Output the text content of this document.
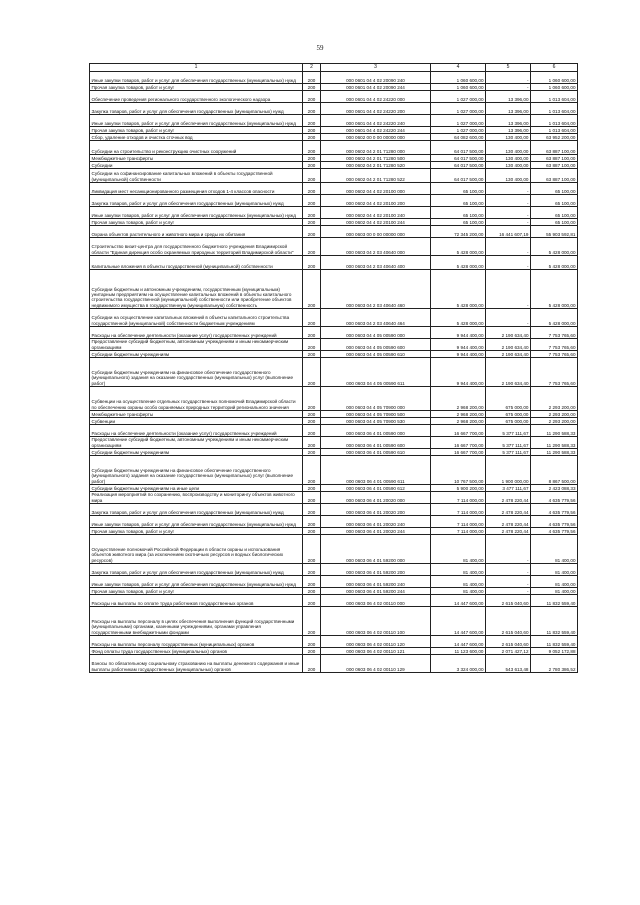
59
1	2	3	4	5	6
Иные закупки товаров, работ и услуг для обеспечения государственных (муниципальных) нужд	200	000 0601 04 4 02 20090 240	1 060 600,00	-	1 060 600,00
Прочая закупка товаров, работ и услуг	200	000 0601 04 4 02 20090 244	1 060 600,00	-	1 060 600,00
Обеспечение проведения регионального государственного экологического надзора	200	000 0601 04 4 02 24220 000	1 027 000,00	13 396,00	1 013 604,00
Закупка товаров, работ и услуг для обеспечения государственных (муниципальных) нужд	200	000 0601 04 4 02 24220 200	1 027 000,00	13 396,00	1 013 604,00
Иные закупки товаров, работ и услуг для обеспечения государственных (муниципальных) нужд	200	000 0601 04 4 02 24220 240	1 027 000,00	13 396,00	1 013 604,00
Прочая закупка товаров, работ и услуг	200	000 0601 04 4 02 24220 244	1 027 000,00	13 396,00	1 013 604,00
Сбор, удаление отходов и очистка сточных вод	200	000 0602 00 0 00 00000 000	64 082 600,00	130 400,00	63 952 200,00
Субсидии на строительство и реконструкцию очистных сооружений	200	000 0602 04 2 01 71280 000	64 017 500,00	130 400,00	63 887 100,00
Межбюджетные трансферты	200	000 0602 04 2 01 71280 500	64 017 500,00	130 400,00	63 887 100,00
Субсидии	200	000 0602 04 2 01 71280 520	64 017 500,00	130 400,00	63 887 100,00
Субсидии на софинансирование капитальных вложений в объекты государственной (муниципальной) собственности	200	000 0602 04 2 01 71280 522	64 017 500,00	130 400,00	63 887 100,00
Ликвидация мест несанкционированного размещения отходов 1-4 классов опасности	200	000 0602 04 4 02 20100 000	65 100,00	-	65 100,00
Закупка товаров, работ и услуг для обеспечения государственных (муниципальных) нужд	200	000 0602 04 4 02 20100 200	65 100,00	-	65 100,00
Иные закупки товаров, работ и услуг для обеспечения государственных (муниципальных) нужд	200	000 0602 04 4 02 20100 240	65 100,00	-	65 100,00
Прочая закупка товаров, работ и услуг	200	000 0602 04 4 02 20100 244	65 100,00	-	65 100,00
Охрана объектов растительного и животного мира и среды их обитания	200	000 0603 00 0 00 00000 000	72 345 200,00	16 441 607,19	55 903 592,81
Строительство визит-центра для государственного бюджетного учреждения Владимирской области "Единая дирекция особо охраняемых природных территорий Владимирской области"	200	000 0603 04 2 03 40640 000	5 428 000,00	-	5 428 000,00
Капитальные вложения в объекты государственной (муниципальной) собственности	200	000 0603 04 2 03 40640 400	5 428 000,00	-	5 428 000,00
Субсидии бюджетным и автономным учреждениям, государственным (муниципальным) унитарным предприятиям на осуществление капитальных вложений в объекты капитального строительства государственной (муниципальной) собственности или приобретение объектов недвижимого имущества в государственную (муниципальную) собственность	200	000 0603 04 2 03 40640 460	5 428 000,00	-	5 428 000,00
Субсидии на осуществление капитальных вложений в объекты капитального строительства государственной (муниципальной) собственности бюджетным учреждениям	200	000 0603 04 2 03 40640 464	5 428 000,00	-	5 428 000,00
Расходы на обеспечение деятельности (оказание услуг) государственных учреждений	200	000 0603 04 4 05 00590 000	9 944 400,00	2 190 634,40	7 753 765,60
Предоставление субсидий бюджетным, автономным учреждениям и иным некоммерческим организациям	200	000 0603 04 4 05 00590 600	9 944 400,00	2 190 634,40	7 753 765,60
Субсидии бюджетным учреждениям	200	000 0603 04 4 05 00590 610	9 944 400,00	2 190 634,40	7 753 765,60
Субсидии бюджетным учреждениям на финансовое обеспечение государственного (муниципального) задания на оказание государственных (муниципальных) услуг (выполнение работ)	200	000 0603 04 4 05 00590 611	9 944 400,00	2 190 634,40	7 753 765,60
Субвенции на осуществление отдельных государственных полномочий Владимирской области по обеспечению охраны особо охраняемых природных территорий регионального значения	200	000 0603 04 4 05 70900 000	2 968 200,00	675 000,00	2 293 200,00
Межбюджетные трансферты	200	000 0603 04 4 05 70900 500	2 968 200,00	675 000,00	2 293 200,00
Субвенции	200	000 0603 04 4 05 70900 530	2 968 200,00	675 000,00	2 293 200,00
Расходы на обеспечение деятельности (оказание услуг) государственных учреждений	200	000 0603 06 4 01 00590 000	16 667 700,00	5 377 111,67	11 290 588,33
Предоставление субсидий бюджетным, автономным учреждениям и иным некоммерческим организациям	200	000 0603 06 4 01 00590 600	16 667 700,00	5 377 111,67	11 290 588,33
Субсидии бюджетным учреждениям	200	000 0603 06 4 01 00590 610	16 667 700,00	5 377 111,67	11 290 588,33
Субсидии бюджетным учреждениям на финансовое обеспечение государственного (муниципального) задания на оказание государственных (муниципальных) услуг (выполнение работ)	200	000 0603 06 4 01 00590 611	10 767 500,00	1 900 000,00	8 867 500,00
Субсидии бюджетным учреждениям на иные цели	200	000 0603 06 4 01 00590 612	5 900 200,00	3 477 111,67	2 423 088,33
Реализация мероприятий по сохранению, воспроизводству и мониторингу объектов животного мира	200	000 0603 06 4 01 20020 000	7 114 000,00	2 478 220,44	4 635 779,56
Закупка товаров, работ и услуг для обеспечения государственных (муниципальных) нужд	200	000 0603 06 4 01 20020 200	7 114 000,00	2 478 220,44	4 635 779,56
Иные закупки товаров, работ и услуг для обеспечения государственных (муниципальных) нужд	200	000 0603 06 4 01 20020 240	7 114 000,00	2 478 220,44	4 635 779,56
Прочая закупка товаров, работ и услуг	200	000 0603 06 4 01 20020 244	7 114 000,00	2 478 220,44	4 635 779,56
Осуществление полномочий Российской Федерации в области охраны и использования объектов животного мира (за исключением охотничьих ресурсов и водных биологических ресурсов)	200	000 0603 06 4 01 59200 000	81 400,00	-	81 400,00
Закупка товаров, работ и услуг для обеспечения государственных (муниципальных) нужд	200	000 0603 06 4 01 59200 200	81 400,00	-	81 400,00
Иные закупки товаров, работ и услуг для обеспечения государственных (муниципальных) нужд	200	000 0603 06 4 01 59200 240	81 400,00	-	81 400,00
Прочая закупка товаров, работ и услуг	200	000 0603 06 4 01 59200 244	81 400,00	-	81 400,00
Расходы на выплаты по оплате труда работников государственных органов	200	000 0603 06 4 02 00110 000	14 447 600,00	2 615 040,60	11 832 559,40
Расходы на выплаты персоналу в целях обеспечения выполнения функций государственными (муниципальными) органами, казенными учреждениями, органами управления государственными внебюджетными фондами	200	000 0603 06 4 02 00110 100	14 447 600,00	2 615 040,60	11 832 559,40
Расходы на выплаты персоналу государственных (муниципальных) органов	200	000 0603 06 4 02 00110 120	14 447 600,00	2 615 040,60	11 832 559,40
Фонд оплаты труда государственных (муниципальных) органов	200	000 0603 06 4 02 00110 121	11 123 600,00	2 071 427,12	9 052 172,88
Взносы по обязательному социальному страхованию на выплаты денежного содержания и иные выплаты работникам государственных (муниципальных) органов	200	000 0603 06 4 02 00110 129	3 324 000,00	543 613,48	2 780 386,52
